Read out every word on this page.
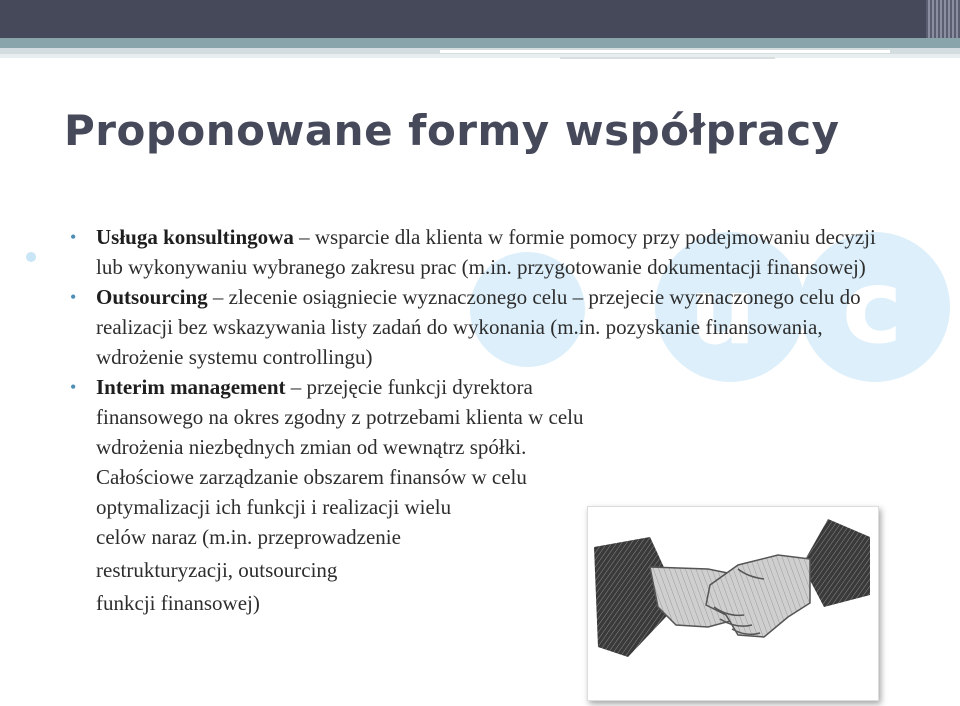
u c
Proponowane formy współpracy
• Usługa konsultingowa – wsparcie dla klienta w formie pomocy przy podejmowaniu decyzji lub wykonywaniu wybranego zakresu prac (m.in. przygotowanie dokumentacji finansowej)
• Outsourcing – zlecenie osiągniecie wyznaczonego celu – przejecie wyznaczonego celu do realizacji bez wskazywania listy zadań do wykonania (m.in. pozyskanie finansowania, wdrożenie systemu controllingu)
• Interim management – przejęcie funkcji dyrektora finansowego na okres zgodny z potrzebami klienta w celu wdrożenia niezbędnych zmian od wewnątrz spółki. Całościowe zarządzanie obszarem finansów w celu optymalizacji ich funkcji i realizacji wielu
celów naraz (m.in. przeprowadzenie
restrukturyzacji, outsourcing
funkcji finansowej)
